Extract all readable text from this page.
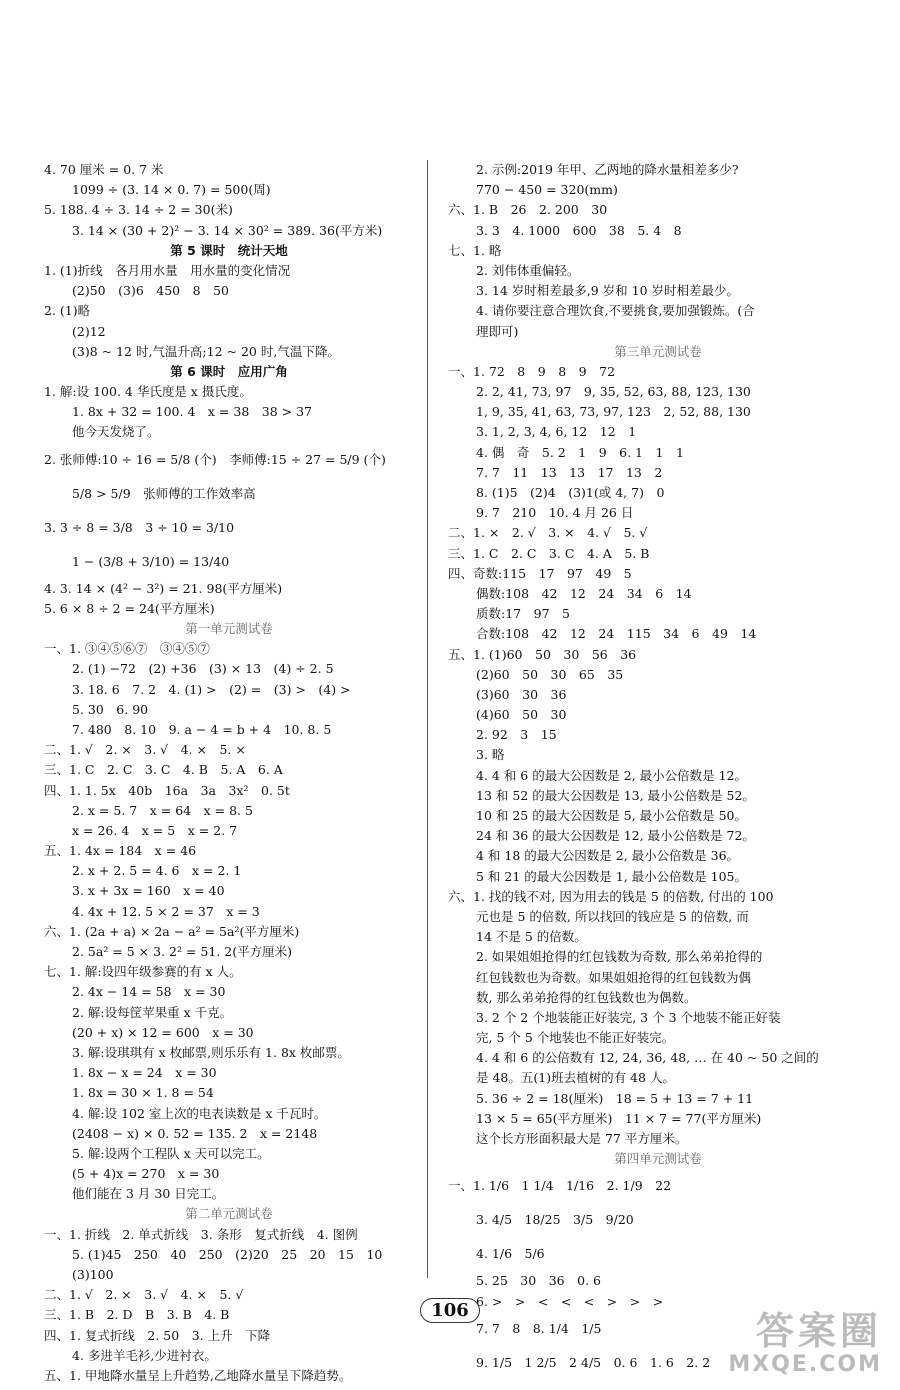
4. 70 厘米 = 0. 7 米
1099 ÷ (3. 14 × 0. 7) = 500(周)
5. 188. 4 ÷ 3. 14 ÷ 2 = 30(米)
3. 14 × (30 + 2)² − 3. 14 × 30² = 389. 36(平方米)
第 5 课时　统计天地
1. (1)折线　各月用水量　用水量的变化情况
(2)50　(3)6　450　8　50
2. (1)略
(2)12
(3)8 ~ 12 时,气温升高;12 ~ 20 时,气温下降。
第 6 课时　应用广角
1. 解:设 100. 4 华氏度是 x 摄氏度。
1. 8x + 32 = 100. 4　x = 38　38 > 37
他今天发烧了。
2. 张师傅:10 ÷ 16 = 5/8 (个)　李师傅:15 ÷ 27 = 5/9 (个)
5/8 > 5/9　张师傅的工作效率高
3. 3 ÷ 8 = 3/8　3 ÷ 10 = 3/10
1 − (3/8 + 3/10) = 13/40
4. 3. 14 × (4² − 3²) = 21. 98(平方厘米)
5. 6 × 8 ÷ 2 = 24(平方厘米)
第一单元测试卷
一、1. ③④⑤⑥⑦　③④⑤⑦
2. (1) −72　(2) +36　(3) × 13　(4) ÷ 2. 5
3. 18. 6　7. 2　4. (1) >　(2) =　(3) >　(4) >
5. 30　6. 90
7. 480　8. 10　9. a − 4 = b + 4　10. 8. 5
二、1. √　2. ×　3. √　4. ×　5. ×
三、1. C　2. C　3. C　4. B　5. A　6. A
四、1. 1. 5x　40b　16a　3a　3x²　0. 5t
2. x = 5. 7　x = 64　x = 8. 5
x = 26. 4　x = 5　x = 2. 7
五、1. 4x = 184　x = 46
2. x + 2. 5 = 4. 6　x = 2. 1
3. x + 3x = 160　x = 40
4. 4x + 12. 5 × 2 = 37　x = 3
六、1. (2a + a) × 2a − a² = 5a²(平方厘米)
2. 5a² = 5 × 3. 2² = 51. 2(平方厘米)
七、1. 解:设四年级参赛的有 x 人。
2. 4x − 14 = 58　x = 30
2. 解:设每筐苹果重 x 千克。
(20 + x) × 12 = 600　x = 30
3. 解:设琪琪有 x 枚邮票,则乐乐有 1. 8x 枚邮票。
1. 8x − x = 24　x = 30
1. 8x = 30 × 1. 8 = 54
4. 解:设 102 室上次的电表读数是 x 千瓦时。
(2408 − x) × 0. 52 = 135. 2　x = 2148
5. 解:设两个工程队 x 天可以完工。
(5 + 4)x = 270　x = 30
他们能在 3 月 30 日完工。
第二单元测试卷
一、1. 折线　2. 单式折线　3. 条形　复式折线　4. 图例
5. (1)45　250　40　250　(2)20　25　20　15　10
(3)100
二、1. √　2. ×　3. √　4. ×　5. √
三、1. B　2. D　B　3. B　4. B
四、1. 复式折线　2. 50　3. 上升　下降
4. 多进羊毛衫,少进衬衣。
五、1. 甲地降水量呈上升趋势,乙地降水量呈下降趋势。
2. 示例:2019 年甲、乙两地的降水量相差多少?
770 − 450 = 320(mm)
六、1. B　26　2. 200　30
3. 3　4. 1000　600　38　5. 4　8
七、1. 略
2. 刘伟体重偏轻。
3. 14 岁时相差最多,9 岁和 10 岁时相差最少。
4. 请你要注意合理饮食,不要挑食,要加强锻炼。(合
理即可)
第三单元测试卷
一、1. 72　8　9　8　9　72
2. 2, 41, 73, 97　9, 35, 52, 63, 88, 123, 130
1, 9, 35, 41, 63, 73, 97, 123　2, 52, 88, 130
3. 1, 2, 3, 4, 6, 12　12　1
4. 偶　奇　5. 2　1　9　6. 1　1　1
7. 7　11　13　13　17　13　2
8. (1)5　(2)4　(3)1(或 4, 7)　0
9. 7　210　10. 4 月 26 日
二、1. ×　2. √　3. ×　4. √　5. √
三、1. C　2. C　3. C　4. A　5. B
四、奇数:115　17　97　49　5
偶数:108　42　12　24　34　6　14
质数:17　97　5
合数:108　42　12　24　115　34　6　49　14
五、1. (1)60　50　30　56　36
(2)60　50　30　65　35
(3)60　30　36
(4)60　50　30
2. 92　3　15
3. 略
4. 4 和 6 的最大公因数是 2, 最小公倍数是 12。
13 和 52 的最大公因数是 13, 最小公倍数是 52。
10 和 25 的最大公因数是 5, 最小公倍数是 50。
24 和 36 的最大公因数是 12, 最小公倍数是 72。
4 和 18 的最大公因数是 2, 最小公倍数是 36。
5 和 21 的最大公因数是 1, 最小公倍数是 105。
六、1. 找的钱不对, 因为用去的钱是 5 的倍数, 付出的 100
元也是 5 的倍数, 所以找回的钱应是 5 的倍数, 而
14 不是 5 的倍数。
2. 如果姐姐抢得的红包钱数为奇数, 那么弟弟抢得的
红包钱数也为奇数。如果姐姐抢得的红包钱数为偶
数, 那么弟弟抢得的红包钱数也为偶数。
3. 2 个 2 个地装能正好装完, 3 个 3 个地装不能正好装
完, 5 个 5 个地装也不能正好装完。
4. 4 和 6 的公倍数有 12, 24, 36, 48, … 在 40 ~ 50 之间的
是 48。五(1)班去植树的有 48 人。
5. 36 ÷ 2 = 18(厘米)　18 = 5 + 13 = 7 + 11
13 × 5 = 65(平方厘米)　11 × 7 = 77(平方厘米)
这个长方形面积最大是 77 平方厘米。
第四单元测试卷
一、1. 1/6　1 1/4　1/16　2. 1/9　22
3. 4/5　18/25　3/5　9/20
4. 1/6　5/6
5. 25　30　36　0. 6
6. >　>　<　<　<　>　>　>
7. 7　8　8. 1/4　1/5
9. 1/5　1 2/5　2 4/5　0. 6　1. 6　2. 2
106	答案圈
MXQE.COM
